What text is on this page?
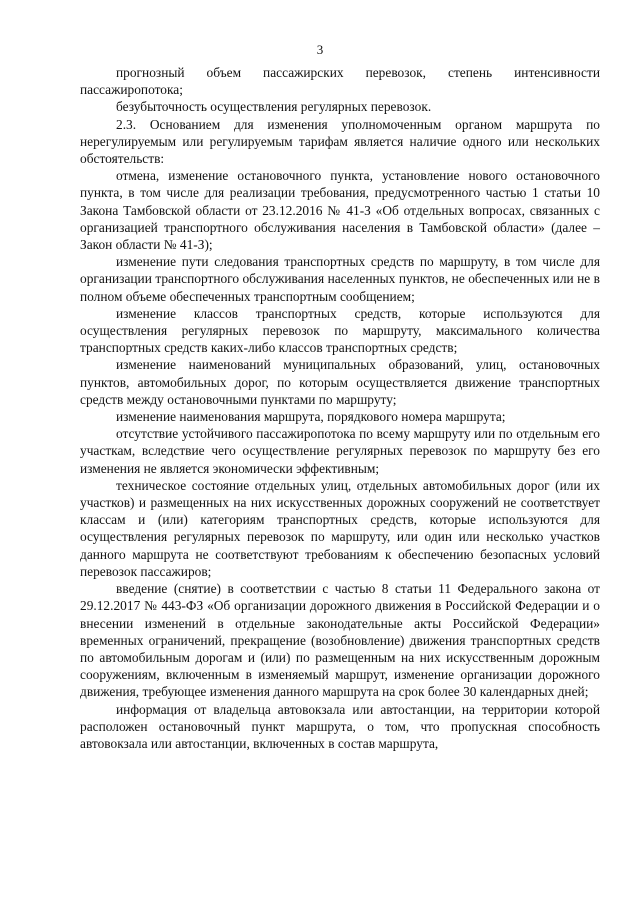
3

прогнозный объем пассажирских перевозок, степень интенсивности пассажиропотока;

безубыточность осуществления регулярных перевозок.

2.3. Основанием для изменения уполномоченным органом маршрута по нерегулируемым или регулируемым тарифам является наличие одного или нескольких обстоятельств:

отмена, изменение остановочного пункта, установление нового остановочного пункта, в том числе для реализации требования, предусмотренного частью 1 статьи 10 Закона Тамбовской области от 23.12.2016 № 41-З «Об отдельных вопросах, связанных с организацией транспортного обслуживания населения в Тамбовской области» (далее – Закон области № 41-З);

изменение пути следования транспортных средств по маршруту, в том числе для организации транспортного обслуживания населенных пунктов, не обеспеченных или не в полном объеме обеспеченных транспортным сообщением;

изменение классов транспортных средств, которые используются для осуществления регулярных перевозок по маршруту, максимального количества транспортных средств каких-либо классов транспортных средств;

изменение наименований муниципальных образований, улиц, остановочных пунктов, автомобильных дорог, по которым осуществляется движение транспортных средств между остановочными пунктами по маршруту;

изменение наименования маршрута, порядкового номера маршрута;

отсутствие устойчивого пассажиропотока по всему маршруту или по отдельным его участкам, вследствие чего осуществление регулярных перевозок по маршруту без его изменения не является экономически эффективным;

техническое состояние отдельных улиц, отдельных автомобильных дорог (или их участков) и размещенных на них искусственных дорожных сооружений не соответствует классам и (или) категориям транспортных средств, которые используются для осуществления регулярных перевозок по маршруту, или один или несколько участков данного маршрута не соответствуют требованиям к обеспечению безопасных условий перевозок пассажиров;

введение (снятие) в соответствии с частью 8 статьи 11 Федерального закона от 29.12.2017 № 443-ФЗ «Об организации дорожного движения в Российской Федерации и о внесении изменений в отдельные законодательные акты Российской Федерации» временных ограничений, прекращение (возобновление) движения транспортных средств по автомобильным дорогам и (или) по размещенным на них искусственным дорожным сооружениям, включенным в изменяемый маршрут, изменение организации дорожного движения, требующее изменения данного маршрута на срок более 30 календарных дней;

информация от владельца автовокзала или автостанции, на территории которой расположен остановочный пункт маршрута, о том, что пропускная способность автовокзала или автостанции, включенных в состав маршрута,
